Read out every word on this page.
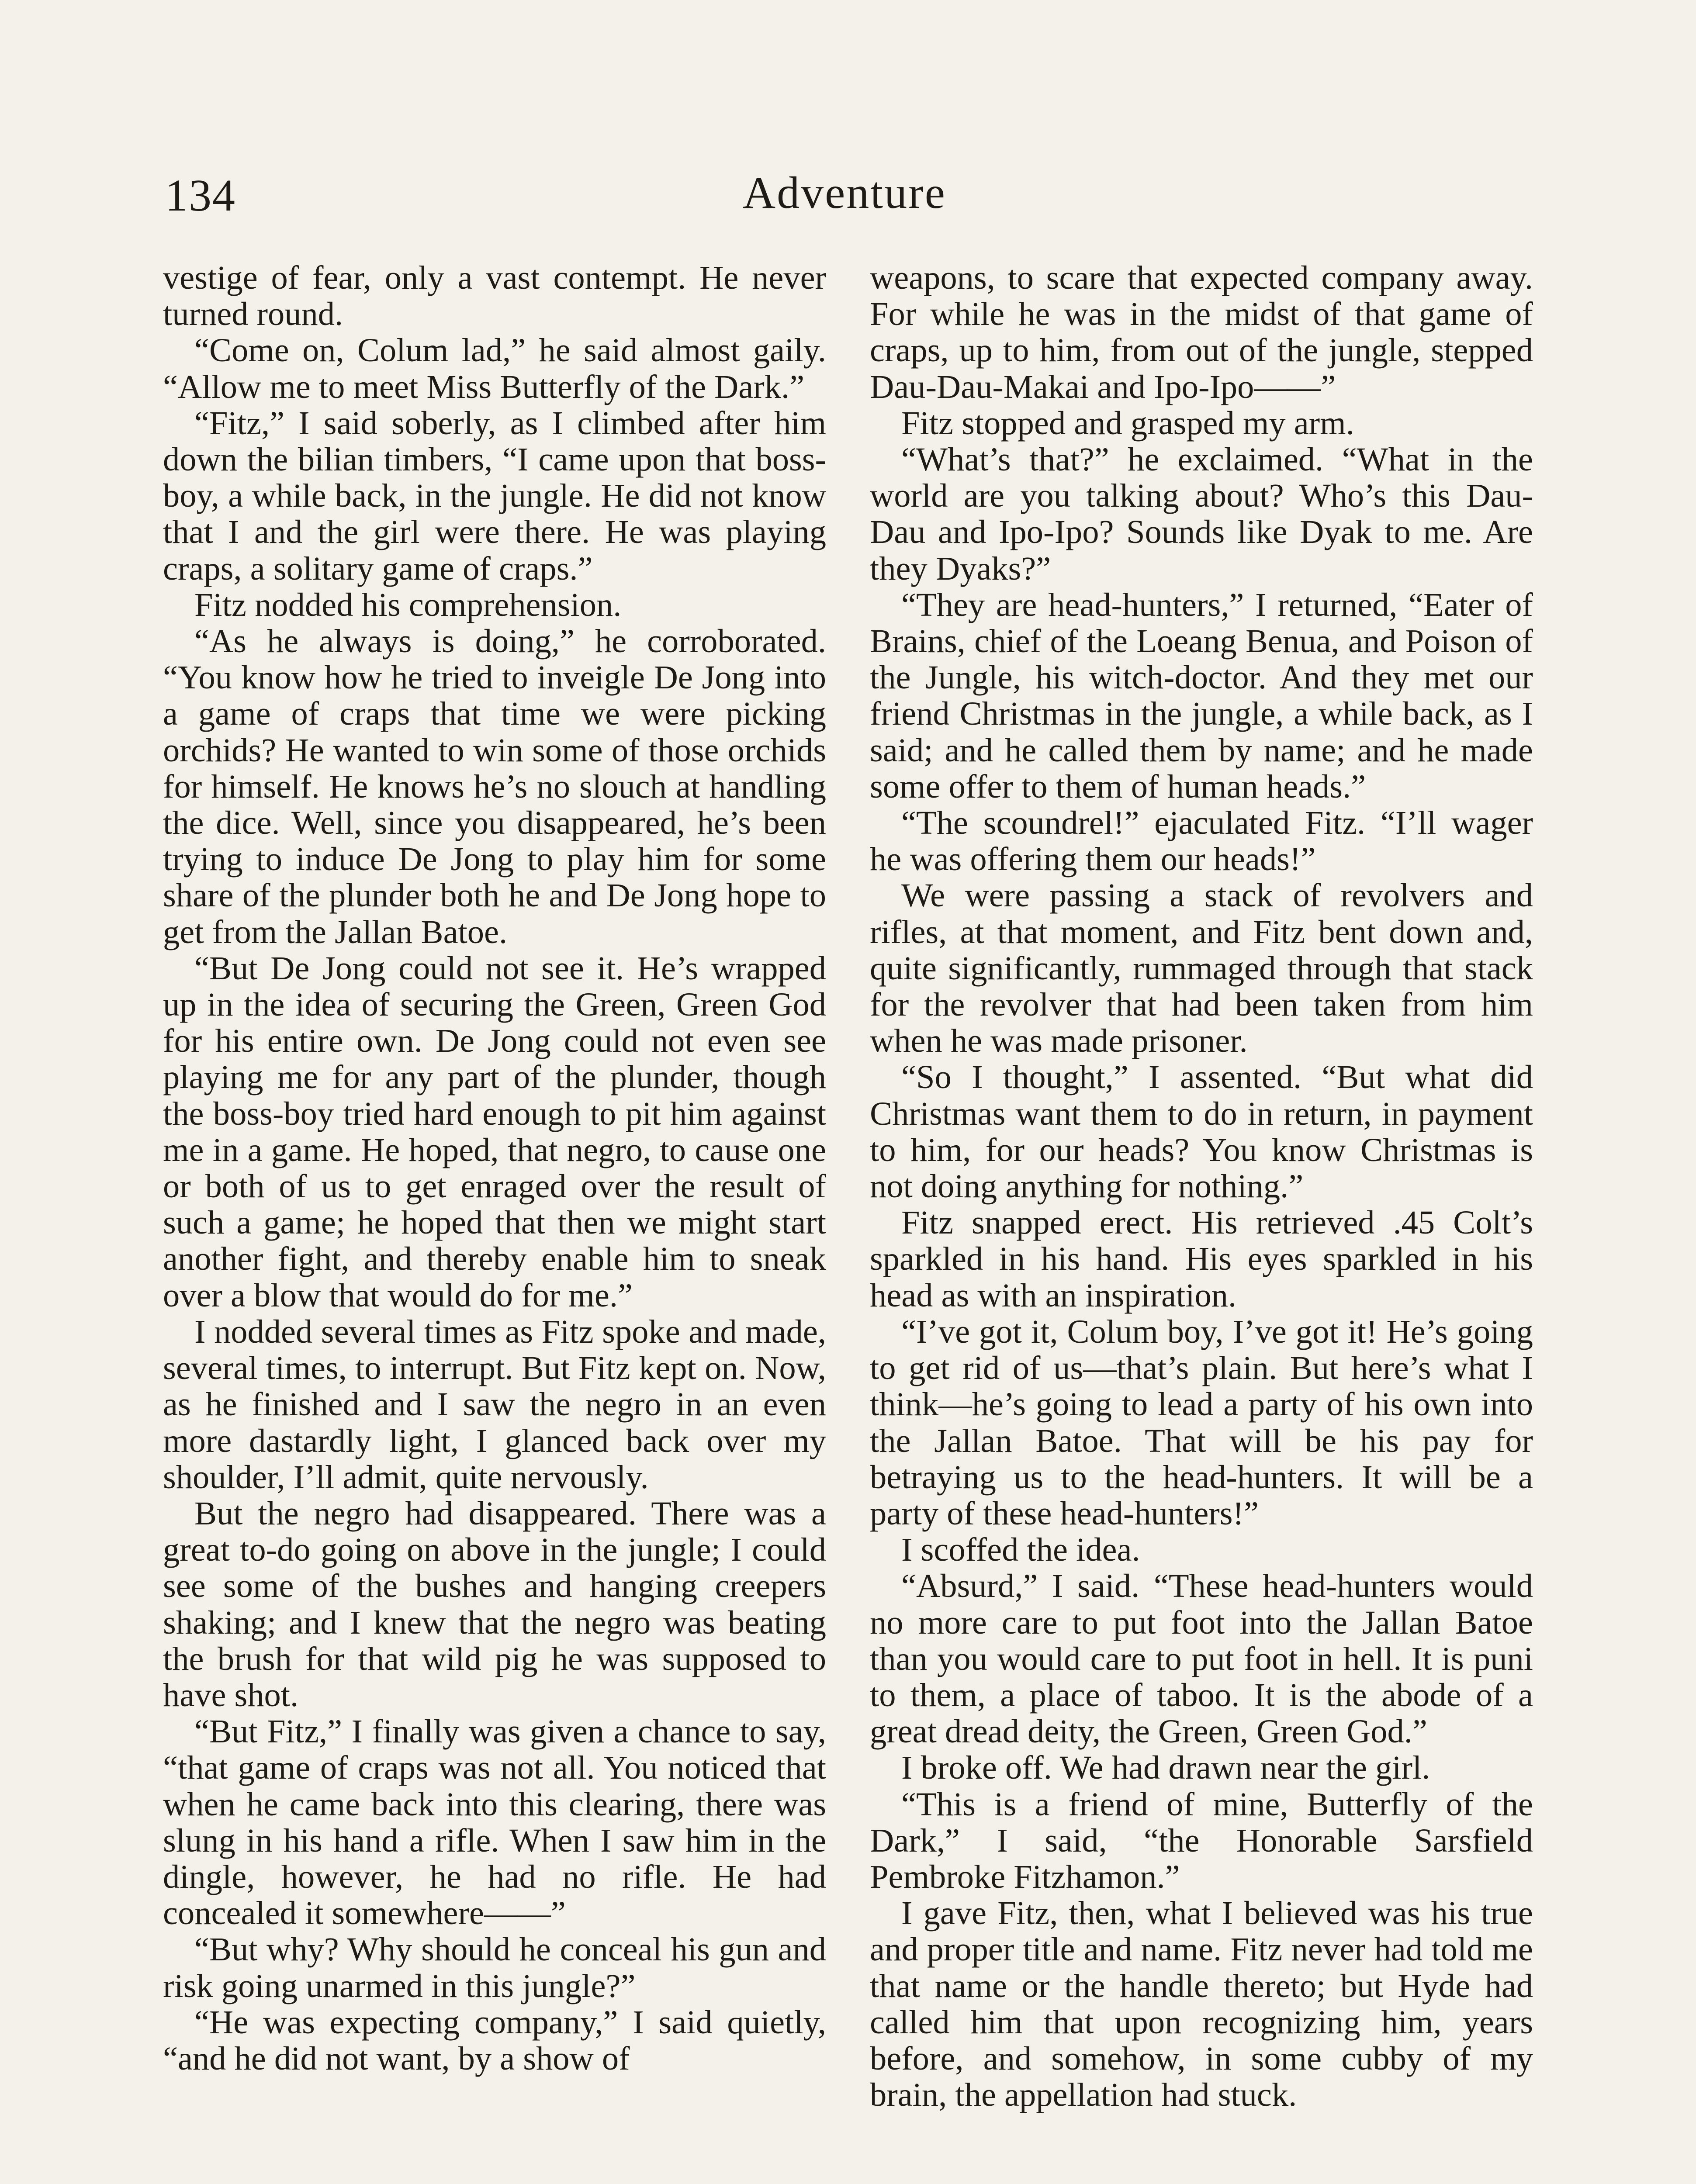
134	Adventure

vestige of fear, only a vast contempt. He never turned round.

“Come on, Colum lad,” he said almost gaily. “Allow me to meet Miss Butterfly of the Dark.”

“Fitz,” I said soberly, as I climbed after him down the bilian timbers, “I came upon that boss-boy, a while back, in the jungle. He did not know that I and the girl were there. He was playing craps, a solitary game of craps.”

Fitz nodded his comprehension.

“As he always is doing,” he corroborated. “You know how he tried to inveigle De Jong into a game of craps that time we were picking orchids? He wanted to win some of those orchids for himself. He knows he’s no slouch at handling the dice. Well, since you disappeared, he’s been trying to induce De Jong to play him for some share of the plunder both he and De Jong hope to get from the Jallan Batoe.

“But De Jong could not see it. He’s wrapped up in the idea of securing the Green, Green God for his entire own. De Jong could not even see playing me for any part of the plunder, though the boss-boy tried hard enough to pit him against me in a game. He hoped, that negro, to cause one or both of us to get enraged over the result of such a game; he hoped that then we might start another fight, and thereby enable him to sneak over a blow that would do for me.”

I nodded several times as Fitz spoke and made, several times, to interrupt. But Fitz kept on. Now, as he finished and I saw the negro in an even more dastardly light, I glanced back over my shoulder, I’ll admit, quite nervously.

But the negro had disappeared. There was a great to-do going on above in the jungle; I could see some of the bushes and hanging creepers shaking; and I knew that the negro was beating the brush for that wild pig he was supposed to have shot.

“But Fitz,” I finally was given a chance to say, “that game of craps was not all. You noticed that when he came back into this clearing, there was slung in his hand a rifle. When I saw him in the dingle, however, he had no rifle. He had concealed it somewhere——”

“But why? Why should he conceal his gun and risk going unarmed in this jungle?”

“He was expecting company,” I said quietly, “and he did not want, by a show of

weapons, to scare that expected company away. For while he was in the midst of that game of craps, up to him, from out of the jungle, stepped Dau-Dau-Makai and Ipo-Ipo——”

Fitz stopped and grasped my arm.

“What’s that?” he exclaimed. “What in the world are you talking about? Who’s this Dau-Dau and Ipo-Ipo? Sounds like Dyak to me. Are they Dyaks?”

“They are head-hunters,” I returned, “Eater of Brains, chief of the Loeang Benua, and Poison of the Jungle, his witch-doctor. And they met our friend Christmas in the jungle, a while back, as I said; and he called them by name; and he made some offer to them of human heads.”

“The scoundrel!” ejaculated Fitz. “I’ll wager he was offering them our heads!”

We were passing a stack of revolvers and rifles, at that moment, and Fitz bent down and, quite significantly, rummaged through that stack for the revolver that had been taken from him when he was made prisoner.

“So I thought,” I assented. “But what did Christmas want them to do in return, in payment to him, for our heads? You know Christmas is not doing anything for nothing.”

Fitz snapped erect. His retrieved .45 Colt’s sparkled in his hand. His eyes sparkled in his head as with an inspiration.

“I’ve got it, Colum boy, I’ve got it! He’s going to get rid of us—that’s plain. But here’s what I think—he’s going to lead a party of his own into the Jallan Batoe. That will be his pay for betraying us to the head-hunters. It will be a party of these head-hunters!”

I scoffed the idea.

“Absurd,” I said. “These head-hunters would no more care to put foot into the Jallan Batoe than you would care to put foot in hell. It is puni to them, a place of taboo. It is the abode of a great dread deity, the Green, Green God.”

I broke off. We had drawn near the girl.

“This is a friend of mine, Butterfly of the Dark,” I said, “the Honorable Sarsfield Pembroke Fitzhamon.”

I gave Fitz, then, what I believed was his true and proper title and name. Fitz never had told me that name or the handle thereto; but Hyde had called him that upon recognizing him, years before, and somehow, in some cubby of my brain, the appellation had stuck.
